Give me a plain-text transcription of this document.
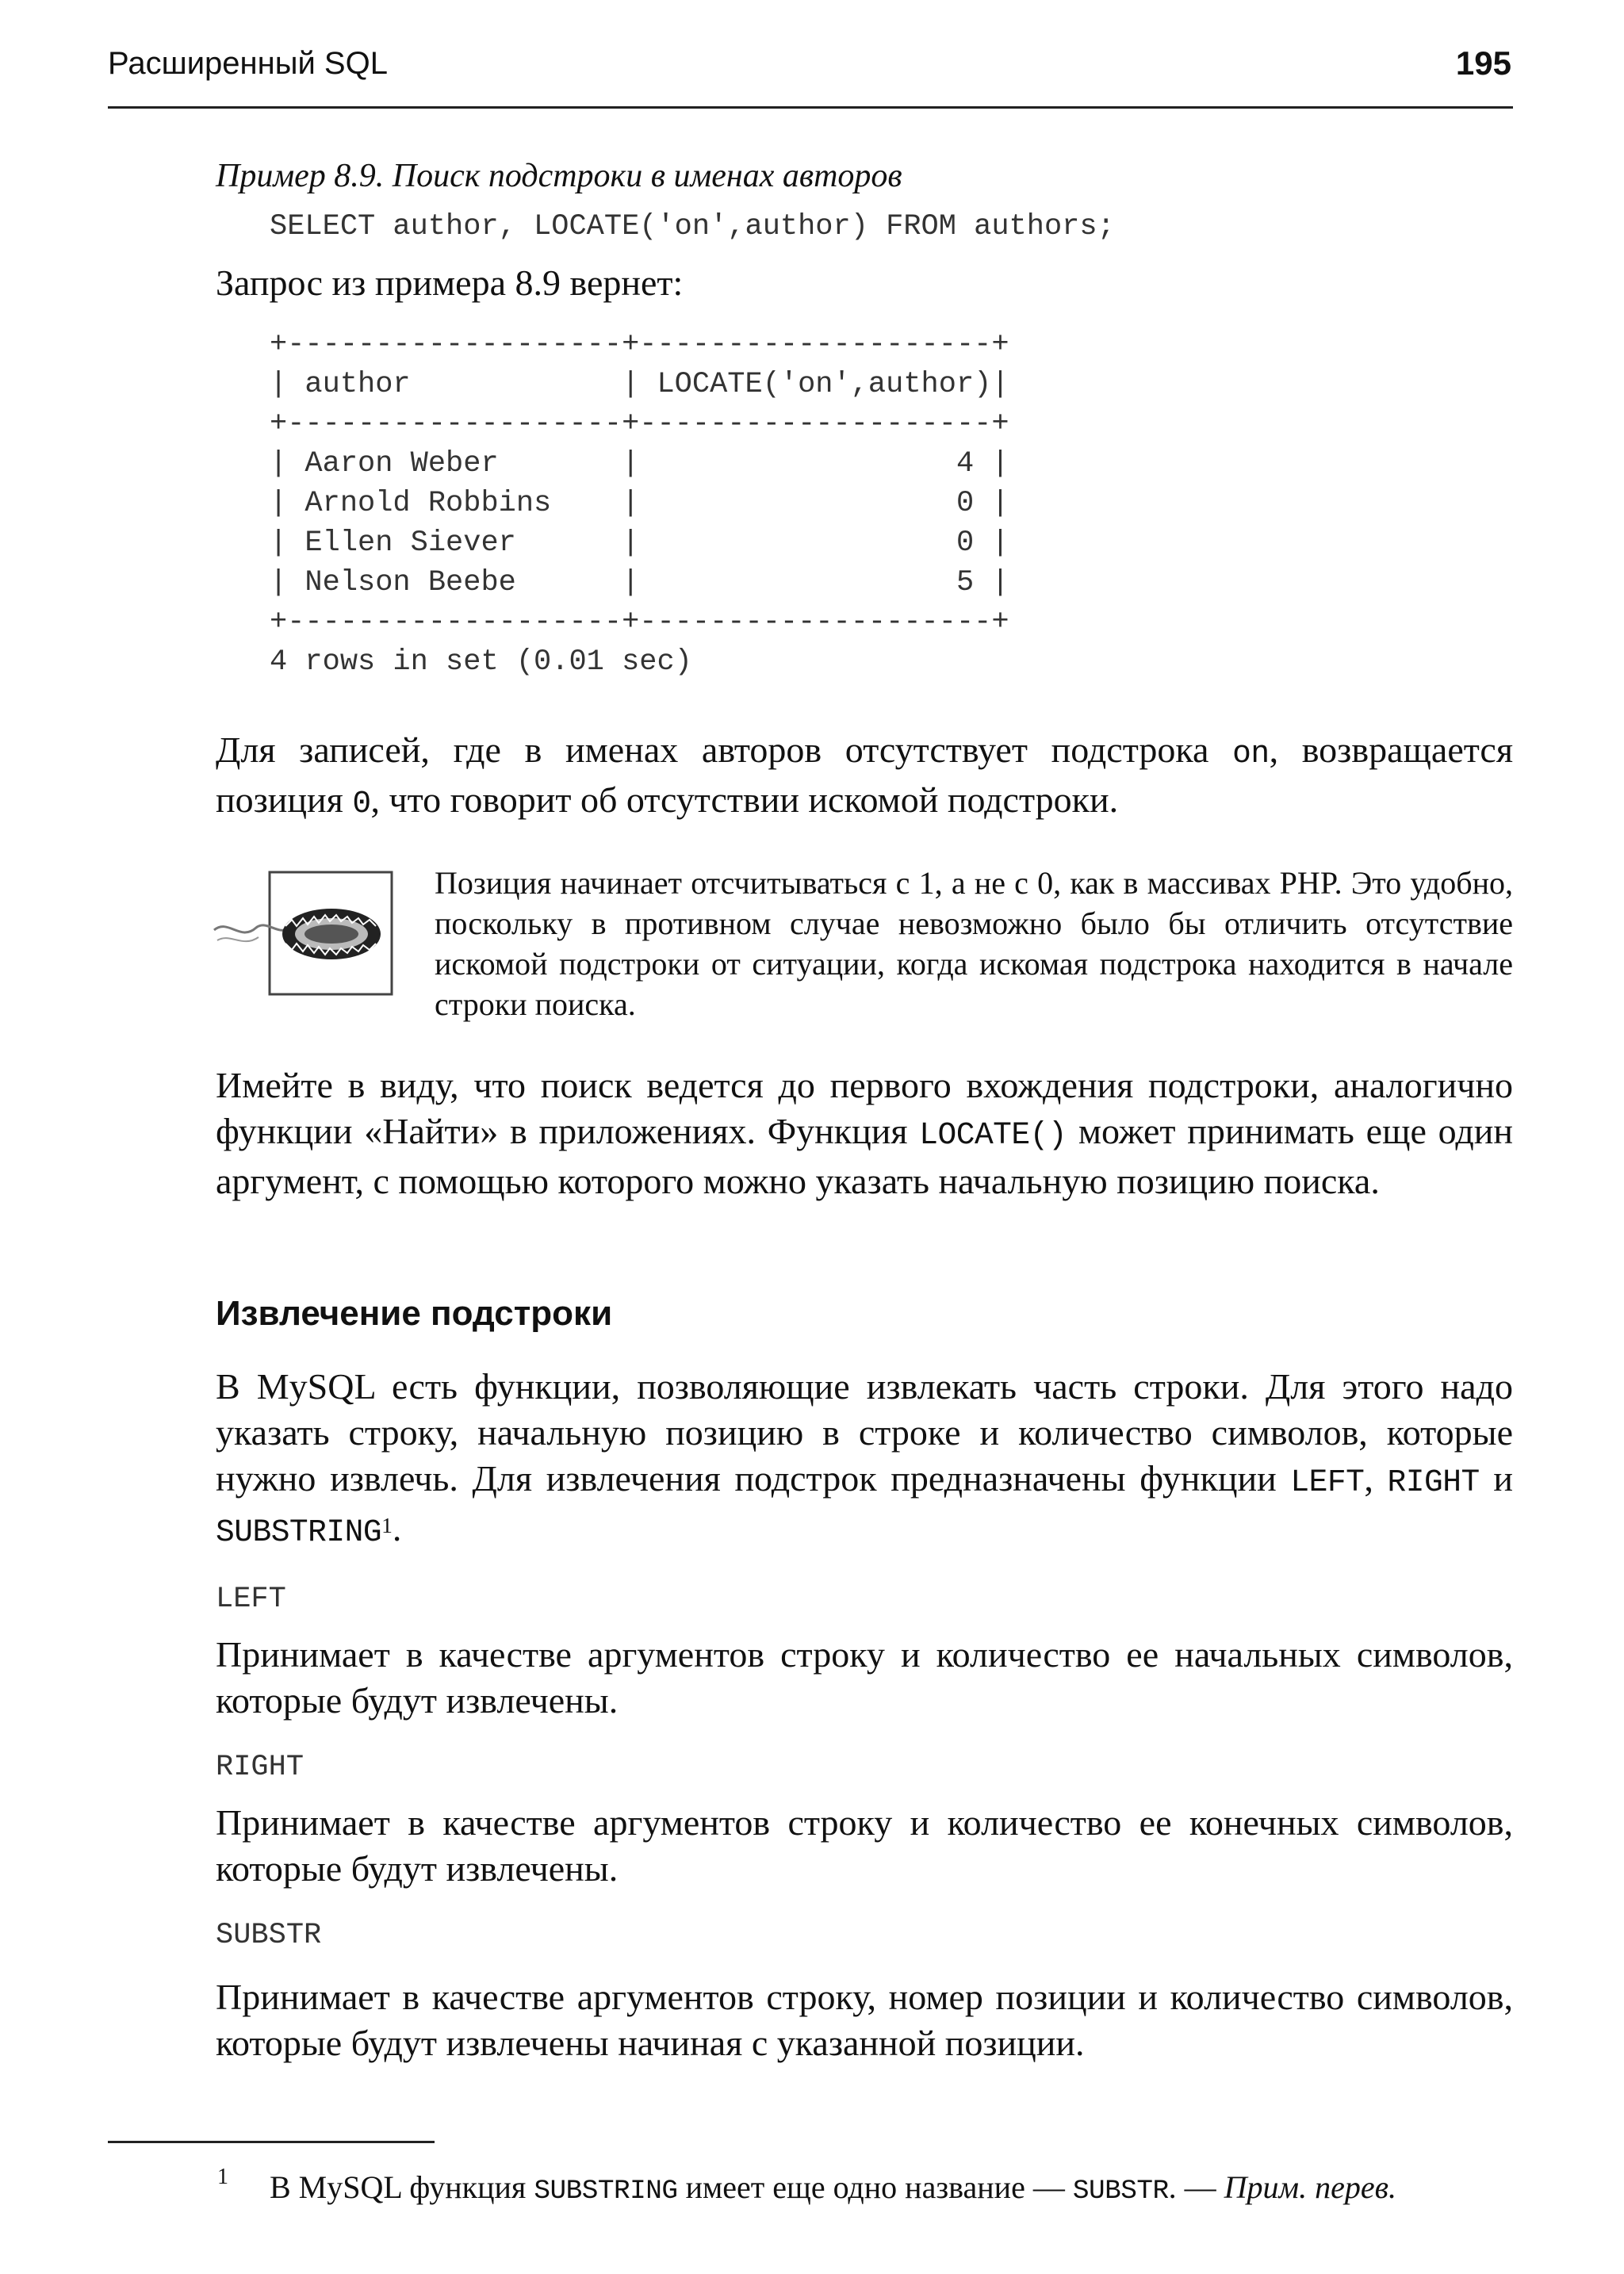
Расширенный SQL	195
Пример 8.9. Поиск подстроки в именах авторов
SELECT author, LOCATE('on',author) FROM authors;
Запрос из примера 8.9 вернет:
+-------------------+--------------------+
| author            | LOCATE('on',author)|
+-------------------+--------------------+
| Aaron Weber       |                  4 |
| Arnold Robbins    |                  0 |
| Ellen Siever      |                  0 |
| Nelson Beebe      |                  5 |
+-------------------+--------------------+
4 rows in set (0.01 sec)
Для записей, где в именах авторов отсутствует подстрока on, возвращается позиция 0, что говорит об отсутствии искомой подстроки.
Позиция начинает отсчитываться с 1, а не с 0, как в массивах PHP. Это удобно, поскольку в противном случае невозможно было бы отличить отсутствие искомой подстроки от ситуации, когда искомая подстрока находится в начале строки поиска.
Имейте в виду, что поиск ведется до первого вхождения подстроки, аналогично функции «Найти» в приложениях. Функция LOCATE() может принимать еще один аргумент, с помощью которого можно указать начальную позицию поиска.
Извлечение подстроки
В MySQL есть функции, позволяющие извлекать часть строки. Для этого надо указать строку, начальную позицию в строке и количество символов, которые нужно извлечь. Для извлечения подстрок предназначены функции LEFT, RIGHT и SUBSTRING$^1$.
LEFT
Принимает в качестве аргументов строку и количество ее начальных символов, которые будут извлечены.
RIGHT
Принимает в качестве аргументов строку и количество ее конечных символов, которые будут извлечены.
SUBSTR
Принимает в качестве аргументов строку, номер позиции и количество символов, которые будут извлечены начиная с указанной позиции.
1 В MySQL функция SUBSTRING имеет еще одно название — SUBSTR. — Прим. перев.
